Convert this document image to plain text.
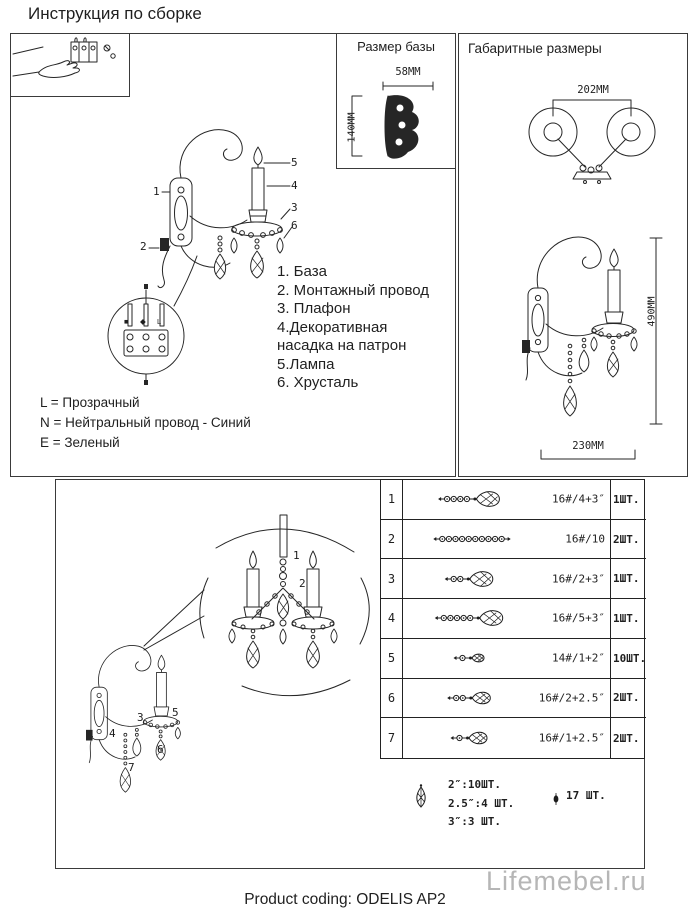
Инструкция по сборке
Размер базы
58MM
140MM
1
2
5
4
3
6
■ ◆ L
1. База
2. Монтажный провод
3. Плафон
4.Декоративная насадка на патрон
5.Лампа
6. Хрусталь
L = Прозрачный
N = Нейтральный провод - Синий
E = Зеленый
Габаритные размеры
202MM
490MM
230MM
1
2
3
4
5
6
7
1	16#/4+3″ 1ШТ.
2	16#/10 2ШТ.
3	16#/2+3″ 1ШТ.
4	16#/5+3″ 1ШТ.
5	14#/1+2″ 10ШТ.
6	16#/2+2.5″ 2ШТ.
7	16#/1+2.5″ 2ШТ.
2″:10ШТ.
2.5″:4 ШТ.
3″:3 ШТ.
17 ШТ.
Product coding: ODELIS AP2
Lifemebel.ru
